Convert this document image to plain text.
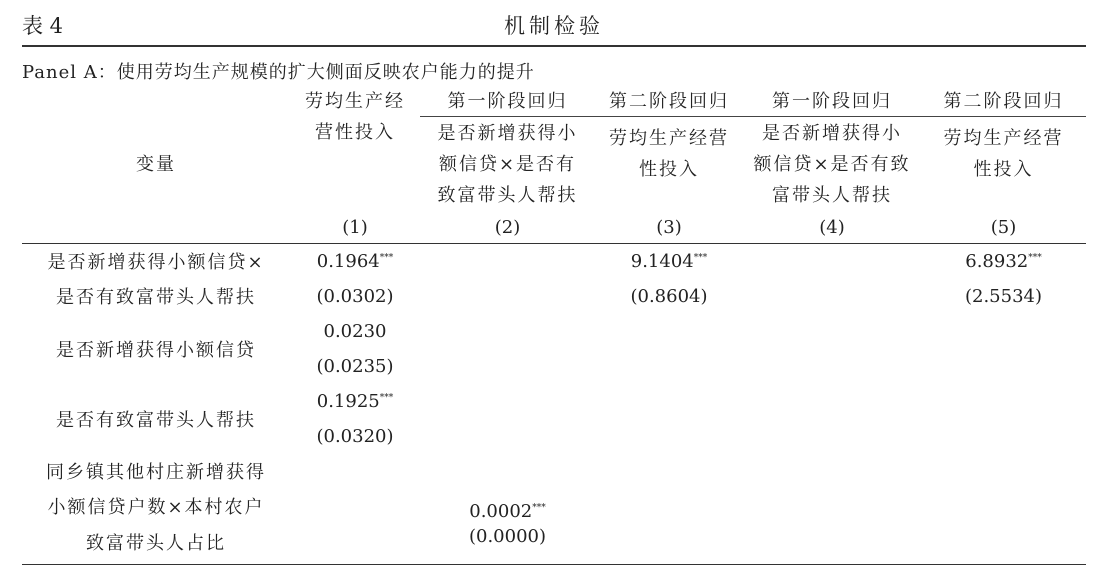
表 4	机制检验
Panel A：使用劳均生产规模的扩大侧面反映农户能力的提升
	劳均生产经	第一阶段回归	第二阶段回归	第一阶段回归	第二阶段回归
变量	营性投入	是否新增获得小额信贷×是否有致富带头人帮扶	劳均生产经营性投入	是否新增获得小额信贷×是否有致富带头人帮扶	劳均生产经营性投入
	(1)	(2)	(3)	(4)	(5)
是否新增获得小额信贷×	0.1964***		9.1404***		6.8932***
是否有致富带头人帮扶	(0.0302)		(0.8604)		(2.5534)
是否新增获得小额信贷	0.0230				
	(0.0235)				
是否有致富带头人帮扶	0.1925***				
	(0.0320)				
同乡镇其他村庄新增获得		0.0002***			
小额信贷户数×本村农户					
致富带头人占比		(0.0000)			
